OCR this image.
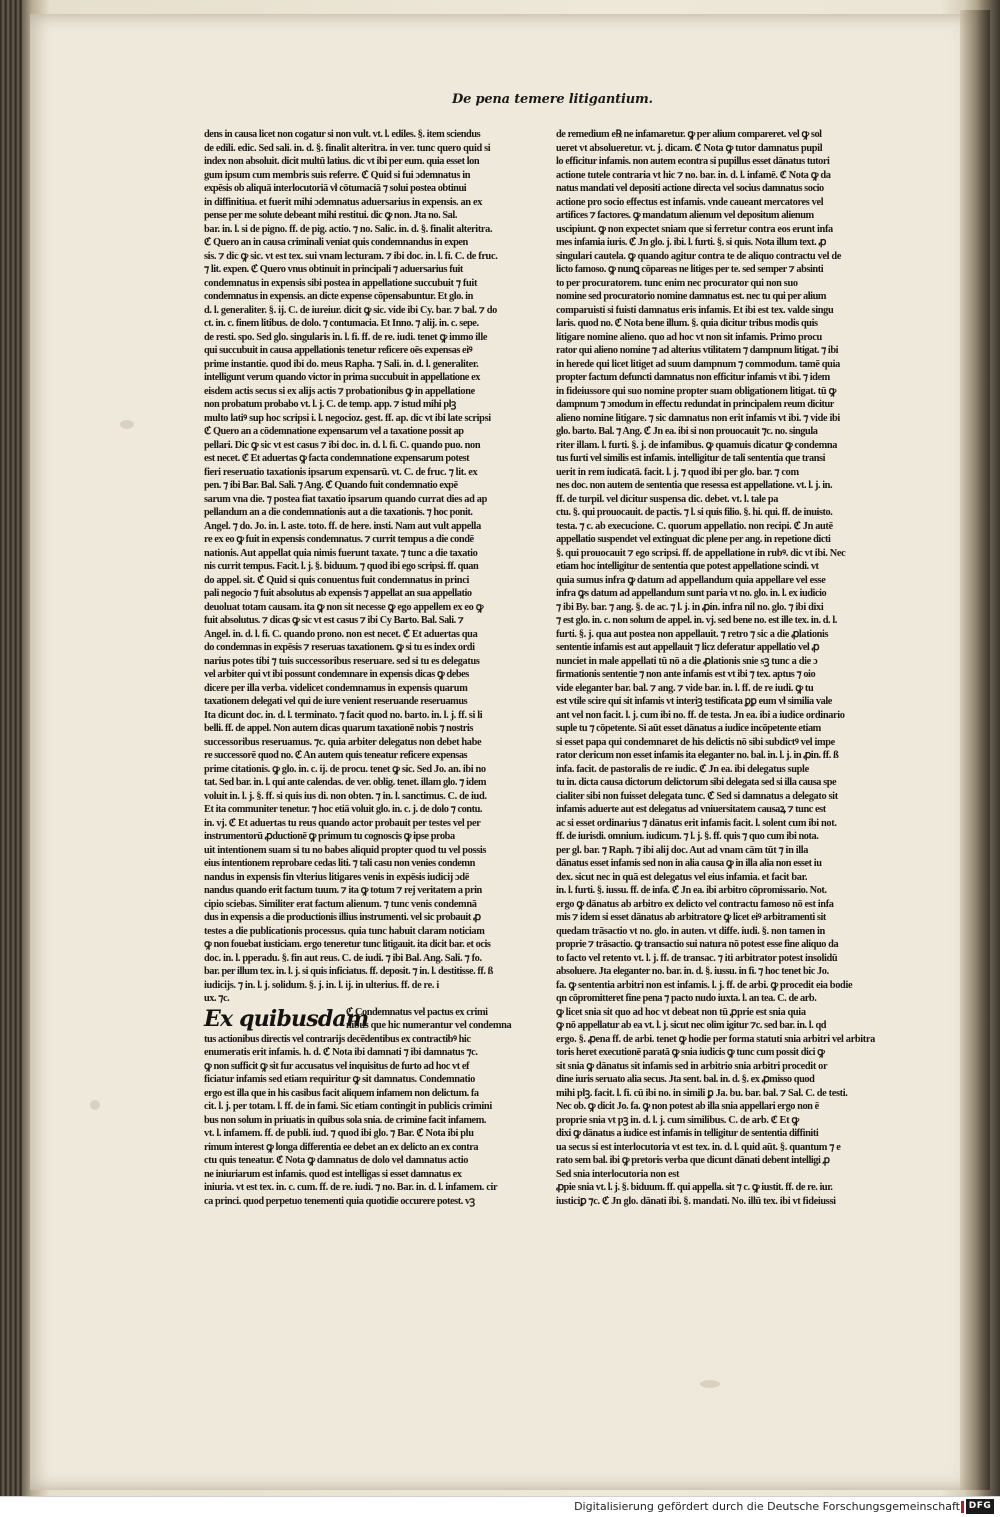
De pena temere litigantium.
dens in causa licet non cogatur si non vult. vt. l. ediles. §. item sciendus
de edili. edic. Sed sali. in. d. §. finalit alteritra. in ver. tunc quero quid si
index non absoluit. dicit multū latius. dic vt ibi per eum. quia esset lon
gum ipsum cum membris suis referre. ℭ Quid si fui ɔdemnatus in
expēsis ob aliquā interlocutoriā vł cōtumaciā ⁊ solui postea obtinui
in diffinitiua. et fuerit mihi ɔdemnatus aduersarius in expensis. an ex
pense per me solute debeant mihi restitui. dic ꝙ non. Jta no. Sal.
bar. in. l. si de pigno. ff. de pig. actio. ⁊ no. Salic. in. d. §. finalit alteritra.
ℭ Quero an in causa criminali veniat quis condemnandus in expen
sis. ⁊ dic ꝙ sic. vt est tex. sui vnam lecturam. ⁊ ibi doc. in. l. fi. C. de fruc.
⁊ lit. expen. ℭ Quero vnus obtinuit in principali ⁊ aduersarius fuit
condemnatus in expensis sibi postea in appellatione succubuit ⁊ fuit
condemnatus in expensis. an dicte expense cōpensabuntur. Et glo. in
d. l. generaliter. §. ij. C. de iureiur. dicit ꝙ sic. vide ibi Cy. bar. ⁊ bal. ⁊ do
ct. in. c. finem litibus. de dolo. ⁊ contumacia. Et Inno. ⁊ alij. in. c. sepe.
de resti. spo. Sed glo. singularis in. l. fi. ff. de re. iudi. tenet ꝙ immo ille
qui succubuit in causa appellationis tenetur reficere oēs expensas eiꝰ
prime instantie. quod ibi do. meus Rapha. ⁊ Sali. in. d. l. generaliter.
intelligunt verum quando victor in prima succubuit in appellatione ex
eisdem actis secus si ex alijs actis ⁊ probationibus ꝙ in appellatione
non probatum probabo vt. l. j. C. de temp. app. ⁊ istud mihi plꝫ
multo latiꝰ sup hoc scripsi i. l. negocioz. gest. ff. ap. dic vt ibi late scripsi
ℭ Quero an a cōdemnatione expensarum vel a taxatione possit ap
pellari. Dic ꝙ sic vt est casus ⁊ ibi doc. in. d. l. fi. C. quando puo. non
est necet. ℭ Et aduertas ꝙ facta condemnatione expensarum potest
fieri reseruatio taxationis ipsarum expensarū. vt. C. de fruc. ⁊ lit. ex
pen. ⁊ ibi Bar. Bal. Sali. ⁊ Ang. ℭ Quando fuit condemnatio expē
sarum vna die. ⁊ postea fiat taxatio ipsarum quando currat dies ad ap
pellandum an a die condemnationis aut a die taxationis. ⁊ hoc ponit.
Angel. ⁊ do. Jo. in. l. aste. toto. ff. de here. insti. Nam aut vult appella
re ex eo ꝙ fuit in expensis condemnatus. ⁊ currit tempus a die condē
nationis. Aut appellat quia nimis fuerunt taxate. ⁊ tunc a die taxatio
nis currit tempus. Facit. l. j. §. biduum. ⁊ quod ibi ego scripsi. ff. quan
do appel. sit. ℭ Quid si quis conuentus fuit condemnatus in princi
pali negocio ⁊ fuit absolutus ab expensis ⁊ appellat an sua appellatio
deuoluat totam causam. ita ꝙ non sit necesse ꝙ ego appellem ex eo ꝙ
fuit absolutus. ⁊ dicas ꝙ sic vt est casus ⁊ ibi Cy Barto. Bal. Sali. ⁊
Angel. in. d. l. fi. C. quando prono. non est necet. ℭ Et aduertas qua
do condemnas in expēsis ⁊ reseruas taxationem. ꝙ si tu es index ordi
narius potes tibi ⁊ tuis successoribus reseruare. sed si tu es delegatus
vel arbiter qui vt ibi possunt condemnare in expensis dicas ꝙ debes
dicere per illa verba. videlicet condemnamus in expensis quarum
taxationem delegati vel qui de iure venient reseruande reseruamus
Ita dicunt doc. in. d. l. terminato. ⁊ facit quod no. barto. in. l. j. ff. si li
belli. ff. de appel. Non autem dicas quarum taxationē nobis ⁊ nostris
successoribus reseruamus. ⁊c. quia arbiter delegatus non debet habe
re successorē quod no. ℭ An autem quis teneatur reficere expensas
prime citationis. ꝙ glo. in. c. ij. de procu. tenet ꝙ sic. Sed Jo. an. ibi no
tat. Sed bar. in. l. qui ante calendas. de ver. oblig. tenet. illam glo. ⁊ idem
voluit in. l. j. §. ff. si quis ius di. non obten. ⁊ in. l. sanctimus. C. de iud.
Et ita communiter tenetur. ⁊ hoc etiā voluit glo. in. c. j. de dolo ⁊ contu.
in. vj. ℭ Et aduertas tu reus quando actor probauit per testes vel per
instrumentorū ꝓductionē ꝙ primum tu cognoscis ꝙ ipse proba
uit intentionem suam si tu no babes aliquid propter quod tu vel possis
eius intentionem reprobare cedas liti. ⁊ tali casu non venies condemn
nandus in expensis fin vlterius litigares venis in expēsis iudicij ɔdē
nandus quando erit factum tuum. ⁊ ita ꝙ totum ⁊ rej veritatem a prin
cipio sciebas. Similiter erat factum alienum. ⁊ tunc venis condemnā
dus in expensis a die productionis illius instrumenti. vel sic probauit ꝓ
testes a die publicationis processus. quia tunc habuit claram noticiam
ꝙ non fouebat iusticiam. ergo teneretur tunc litigauit. ita dicit bar. et ocis
doc. in. l. pperadu. §. fin aut reus. C. de iudi. ⁊ ibi Bal. Ang. Sali. ⁊ fo.
bar. per illum tex. in. l. j. si quis inficiatus. ff. deposit. ⁊ in. l. destitisse. ff. ß
iudicijs. ⁊ in. l. j. solidum. §. j. in. l. ij. in ulterius. ff. de re. i
ux. ⁊c.
Ex quibusdam
ℭ Condemnatus vel pactus ex crimi
nibus que hic numerantur vel condemna
tus actionibus directis vel contrarijs decēdentibus ex contractibꝰ hic
enumeratis erit infamis. h. d. ℭ Nota ibi damnati ⁊ ibi damnatus ⁊c.
ꝙ non sufficit ꝙ sit fur accusatus vel inquisitus de furto ad hoc vt ef
ficiatur infamis sed etiam requiritur ꝙ sit damnatus. Condemnatio
ergo est illa que in his casibus facit aliquem infamem non delictum. fa
cit. l. j. per totam. l. ff. de in fami. Sic etiam contingit in publicis crimini
bus non solum in priuatis in quibus sola snia. de crimine facit infamem.
vt. l. infamem. ff. de publi. iud. ⁊ quod ibi glo. ⁊ Bar. ℭ Nota ibi plu
rimum interest ꝙ longa differentia ee debet an ex delicto an ex contra
ctu quis teneatur. ℭ Nota ꝙ damnatus de dolo vel damnatus actio
ne iniuriarum est infamis. quod est intelligas si esset damnatus ex
iniuria. vt est tex. in. c. cum. ff. de re. iudi. ⁊ no. Bar. in. d. l. infamem. cir
ca princi. quod perpetuo tenementi quia quotidie occurere potest. vꝫ
de remedium e℞ ne infamaretur. ꝙ per alium compareret. vel ꝙ sol
ueret vt absolueretur. vt. j. dicam. ℭ Nota ꝙ tutor damnatus pupil
lo efficitur infamis. non autem econtra si pupillus esset dānatus tutori
actione tutele contraria vt hic ⁊ no. bar. in. d. l. infamē. ℭ Nota ꝙ da
natus mandati vel depositi actione directa vel socius damnatus socio
actione pro socio effectus est infamis. vnde caueant mercatores vel
artifices ⁊ factores. ꝙ mandatum alienum vel depositum alienum
uscipiunt. ꝙ non expectet sniam que si ferretur contra eos erunt infa
mes infamia iuris. ℭ Jn glo. j. ibi. l. furti. §. si quis. Nota illum text. ꝓ
singulari cautela. ꝙ quando agitur contra te de aliquo contractu vel de
licto famoso. ꝙ nunꝗ cōpareas ne litiges per te. sed semper ⁊ absinti
to per procuratorem. tunc enim nec procurator qui non suo
nomine sed procuratorio nomine damnatus est. nec tu qui per alium
comparuisti si fuisti damnatus eris infamis. Et ibi est tex. valde singu
laris. quod no. ℭ Nota bene illum. §. quia dicitur tribus modis quis
litigare nomine alieno. quo ad hoc vt non sit infamis. Primo procu
rator qui alieno nomine ⁊ ad alterius vtilitatem ⁊ dampnum litigat. ⁊ ibi
in herede qui licet litiget ad suum dampnum ⁊ commodum. tamē quia
propter factum defuncti damnatus non efficitur infamis vt ibi. ⁊ idem
in fideiussore qui suo nomine propter suam obligationem litigat. tū ꝙ
dampnum ⁊ ɔmodum in effectu redundat in principalem reum dicitur
alieno nomine litigare. ⁊ sic damnatus non erit infamis vt ibi. ⁊ vide ibi
glo. barto. Bal. ⁊ Ang. ℭ Jn ea. ibi si non prouocauit ⁊c. no. singula
riter illam. l. furti. §. j. de infamibus. ꝙ quamuis dicatur ꝙ condemna
tus furti vel similis est infamis. intelligitur de tali sententia que transi
uerit in rem iudicatā. facit. l. j. ⁊ quod ibi per glo. bar. ⁊ com
nes doc. non autem de sententia que resessa est appellatione. vt. l. j. in.
ff. de turpil. vel dicitur suspensa dic. debet. vt. l. tale pa
ctu. §. qui prouocauit. de pactis. ⁊ l. si quis filio. §. hi. qui. ff. de inuisto.
testa. ⁊ c. ab execucione. C. quorum appellatio. non recipi. ℭ Jn autē
appellatio suspendet vel extinguat dic plene per ang. in repetione dicti
§. qui prouocauit ⁊ ego scripsi. ff. de appellatione in rubꝰ. dic vt ibi. Nec
etiam hoc intelligitur de sententia que potest appellatione scindi. vt
quia sumus infra ꝙ datum ad appellandum quia appellare vel esse
infra ꝙs datum ad appellandum sunt paria vt no. glo. in. l. ex iudicio
⁊ ibi By. bar. ⁊ ang. §. de ac. ⁊ l. j. in ꝓin. infra nil no. glo. ⁊ ibi dixi
⁊ est glo. in. c. non solum de appel. in. vj. sed bene no. est ille tex. in. d. l.
furti. §. j. qua aut postea non appellauit. ⁊ retro ⁊ sic a die ꝓlationis
sententie infamis est aut appellauit ⁊ licz deferatur appellatio vel ꝓ
nunciet in male appellati tū nō a die ꝓlationis snie sꝫ tunc a die ɔ
firmationis sententie ⁊ non ante infamis est vt ibi ⁊ tex. aptus ⁊ oio
vide eleganter bar. bal. ⁊ ang. ⁊ vide bar. in. l. ff. de re iudi. ꝙ tu
est vtile scire qui sit infamis vt interiꝫ testificata ꝑꝑ eum vł similia vale
ant vel non facit. l. j. cum ibi no. ff. de testa. Jn ea. ibi a iudice ordinario
suple tu ⁊ cōpetente. Si aūt esset dānatus a iudice incōpetente etiam
si esset papa qui condemnaret de his delictis nō sibi subdictꝰ vel impe
rator clericum non esset infamis ita eleganter no. bal. in. l. j. in ꝓin. ff. ß
infa. facit. de pastoralis de re iudic. ℭ Jn ea. ibi delegatus suple
tu in. dicta causa dictorum delictorum sibi delegata sed si illa causa spe
cialiter sibi non fuisset delegata tunc. ℭ Sed si damnatus a delegato sit
infamis aduerte aut est delegatus ad vniuersitatem causaꝝ ⁊ tunc est
ac si esset ordinarius ⁊ dānatus erit infamis facit. l. solent cum ibi not.
ff. de iurisdi. omnium. iudicum. ⁊ l. j. §. ff. quis ⁊ quo cum ibi nota.
per gl. bar. ⁊ Raph. ⁊ ibi alij doc. Aut ad vnam cām tūt ⁊ in illa
dānatus esset infamis sed non in alia causa ꝙ in illa alia non esset iu
dex. sicut nec in quā est delegatus vel eius infamia. et facit bar.
in. l. furti. §. iussu. ff. de infa. ℭ Jn ea. ibi arbitro cōpromissario. Not.
ergo ꝙ dānatus ab arbitro ex delicto vel contractu famoso nō est infa
mis ⁊ idem si esset dānatus ab arbitratore ꝙ licet eiꝰ arbitramenti sit
quedam trāsactio vt no. glo. in auten. vt diffe. iudi. §. non tamen in
proprie ⁊ trāsactio. ꝙ transactio sui natura nō potest esse fine aliquo da
to facto vel retento vt. l. j. ff. de transac. ⁊ iti arbitrator potest insolidū
absoluere. Jta eleganter no. bar. in. d. §. iussu. in fi. ⁊ hoc tenet bic Jo.
fa. ꝙ sententia arbitri non est infamis. l. j. ff. de arbi. ꝙ procedit eia bodie
qn cōpromitteret fine pena ⁊ pacto nudo iuxta. l. an tea. C. de arb.
ꝙ licet snia sit quo ad hoc vt debeat non tū ꝓprie est snia quia
ꝙ nō appellatur ab ea vt. l. j. sicut nec olim igitur ⁊c. sed bar. in. l. qd
ergo. §. ꝓena ff. de arbi. tenet ꝙ hodie per forma statuti snia arbitri vel arbitra
toris heret executionē paratā ꝙ snia iudicis ꝙ tunc cum possit dici ꝙ
sit snia ꝙ dānatus sit infamis sed in arbitrio snia arbitri procedit or
dine iuris seruato alia secus. Jta sent. bal. in. d. §. ex ꝓmisso quod
mihi plꝫ. facit. l. fi. cū ibi no. in simili ꝑ Ja. bu. bar. bal. ⁊ Sal. C. de testi.
Nec ob. ꝙ dicit Jo. fa. ꝙ non potest ab illa snia appellari ergo non ē
proprie snia vt pꝫ in. d. l. j. cum similibus. C. de arb. ℭ Et ꝙ
dixi ꝙ dānatus a iudice est infamis in telligitur de sententia diffiniti
ua secus si est interlocutoria vt est tex. in. d. l. quid aūt. §. quantum ⁊ e
rato sem bal. ibi ꝙ pretoris verba que dicunt dānati debent intelligi ꝓ
Sed snia interlocutoria non est
ꝓpie snia vt. l. j. §. biduum. ff. qui appella. sit ⁊ c. ꝙ iustit. ff. de re. iur.
iusticiꝑ ⁊c. ℭ Jn glo. dānati ibi. §. mandati. No. illū tex. ibi vt fideiussi
Digitalisierung gefördert durch die Deutsche Forschungsgemeinschaft DFG
